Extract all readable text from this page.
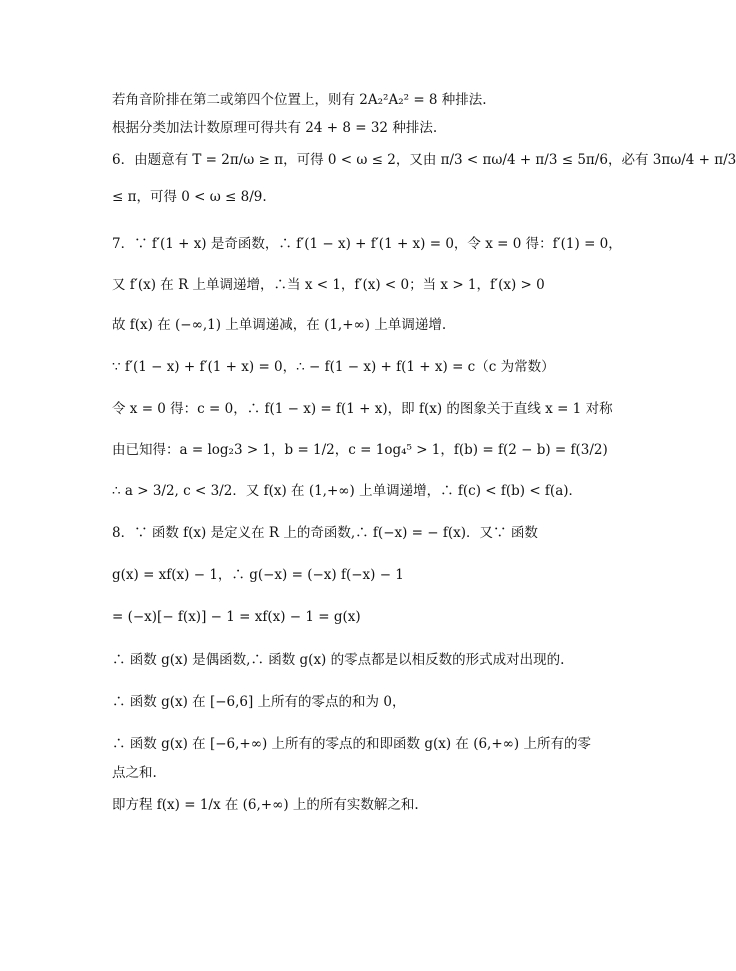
若角音阶排在第二或第四个位置上，则有 2A₂²A₂² = 8 种排法.
根据分类加法计数原理可得共有 24 + 8 = 32 种排法.
6．由题意有 T = 2π/ω ≥ π，可得 0 < ω ≤ 2，又由 π/3 < πω/4 + π/3 ≤ 5π/6，必有 3πω/4 + π/3
≤ π，可得 0 < ω ≤ 8/9.
7．∵ f′(1 + x) 是奇函数，∴ f′(1 − x) + f′(1 + x) = 0，令 x = 0 得：f′(1) = 0，
又 f′(x) 在 R 上单调递增，∴当 x < 1，f′(x) < 0；当 x > 1，f′(x) > 0
故 f(x) 在 (−∞,1) 上单调递减，在 (1,+∞) 上单调递增.
∵ f′(1 − x) + f′(1 + x) = 0，∴ − f(1 − x) + f(1 + x) = c（c 为常数）
令 x = 0 得：c = 0，∴ f(1 − x) = f(1 + x)，即 f(x) 的图象关于直线 x = 1 对称
由已知得：a = log₂3 > 1，b = 1/2，c = 1og₄⁵ > 1，f(b) = f(2 − b) = f(3/2)
∴ a > 3/2, c < 3/2．又 f(x) 在 (1,+∞) 上单调递增，∴ f(c) < f(b) < f(a)．
8．∵ 函数 f(x) 是定义在 R 上的奇函数,∴ f(−x) = − f(x)．又∵ 函数
g(x) = xf(x) − 1，∴ g(−x) = (−x) f(−x) − 1
= (−x)[− f(x)] − 1 = xf(x) − 1 = g(x)
∴ 函数 g(x) 是偶函数,∴ 函数 g(x) 的零点都是以相反数的形式成对出现的.
∴ 函数 g(x) 在 [−6,6] 上所有的零点的和为 0，
∴ 函数 g(x) 在 [−6,+∞) 上所有的零点的和即函数 g(x) 在 (6,+∞) 上所有的零
点之和.
即方程 f(x) = 1/x 在 (6,+∞) 上的所有实数解之和.
